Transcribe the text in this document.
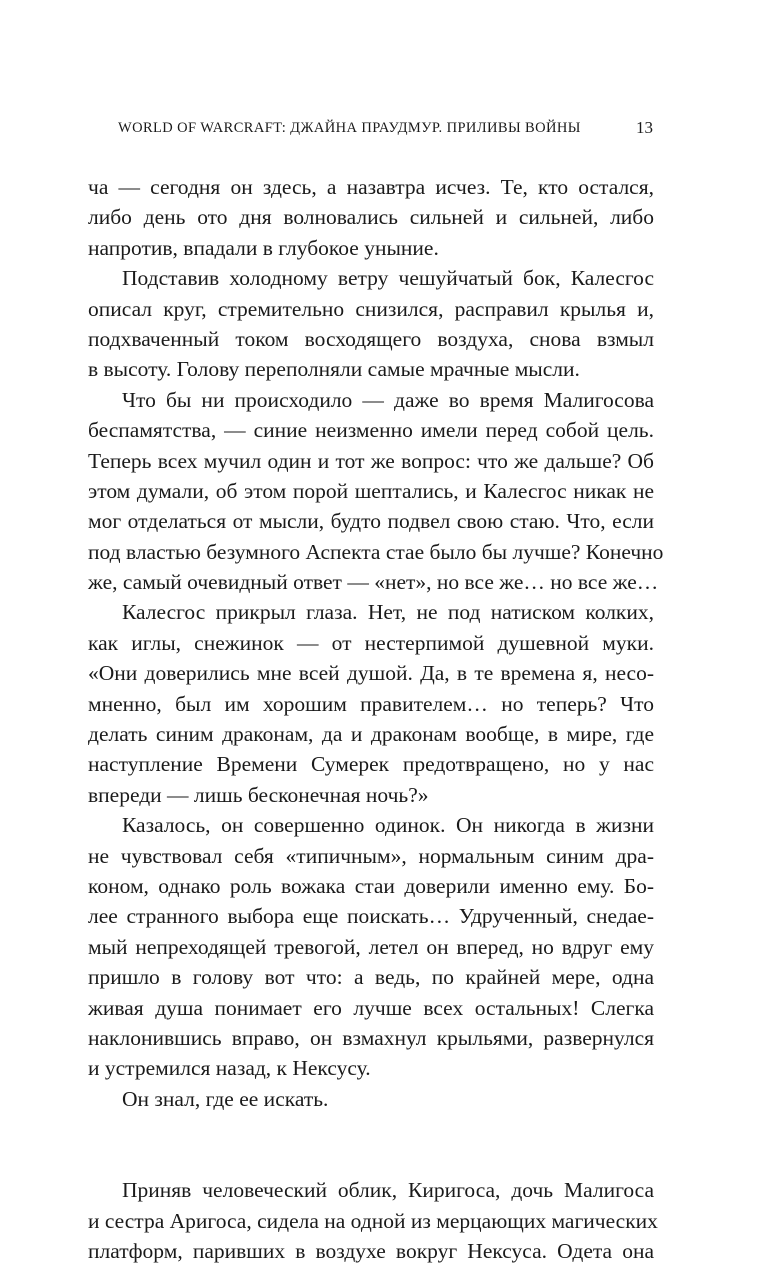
WORLD OF WARCRAFT: ДЖАЙНА ПРАУДМУР. ПРИЛИВЫ ВОЙНЫ	13
ча — сегодня он здесь, а назавтра исчез. Те, кто остался,
либо день ото дня волновались сильней и сильней, либо
напротив, впадали в глубокое уныние.
Подставив холодному ветру чешуйчатый бок, Калесгос
описал круг, стремительно снизился, расправил крылья и,
подхваченный током восходящего воздуха, снова взмыл
в высоту. Голову переполняли самые мрачные мысли.
Что бы ни происходило — даже во время Малигосова
беспамятства, — синие неизменно имели перед собой цель.
Теперь всех мучил один и тот же вопрос: что же дальше? Об
этом думали, об этом порой шептались, и Калесгос никак не
мог отделаться от мысли, будто подвел свою стаю. Что, если
под властью безумного Аспекта стае было бы лучше? Конечно
же, самый очевидный ответ — «нет», но все же… но все же…
Калесгос прикрыл глаза. Нет, не под натиском колких,
как иглы, снежинок — от нестерпимой душевной муки.
«Они доверились мне всей душой. Да, в те времена я, несо-
мненно, был им хорошим правителем… но теперь? Что
делать синим драконам, да и драконам вообще, в мире, где
наступление Времени Сумерек предотвращено, но у нас
впереди — лишь бесконечная ночь?»
Казалось, он совершенно одинок. Он никогда в жизни
не чувствовал себя «типичным», нормальным синим дра-
коном, однако роль вожака стаи доверили именно ему. Бо-
лее странного выбора еще поискать… Удрученный, снедае-
мый непреходящей тревогой, летел он вперед, но вдруг ему
пришло в голову вот что: а ведь, по крайней мере, одна
живая душа понимает его лучше всех остальных! Слегка
наклонившись вправо, он взмахнул крыльями, развернулся
и устремился назад, к Нексусу.
Он знал, где ее искать.
Приняв человеческий облик, Киригоса, дочь Малигоса
и сестра Аригоса, сидела на одной из мерцающих магических
платформ, паривших в воздухе вокруг Нексуса. Одета она
